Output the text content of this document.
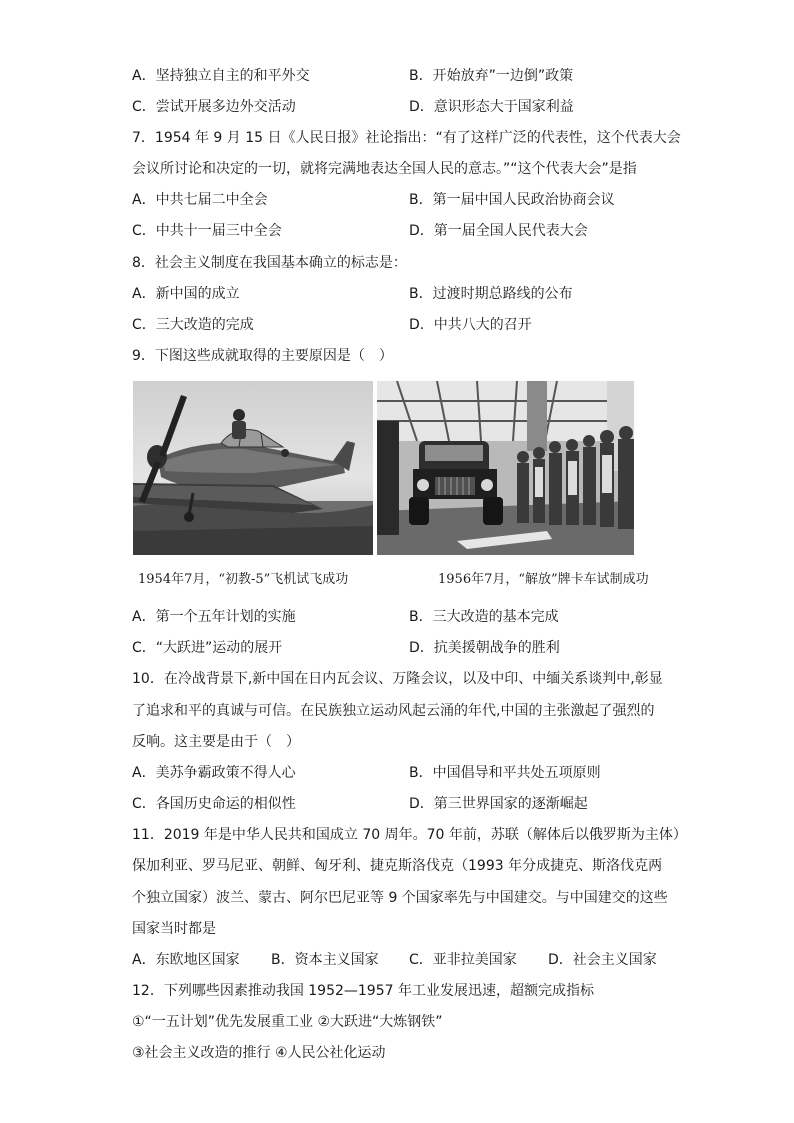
A．坚持独立自主的和平外交	B．开始放弃”一边倒”政策
C．尝试开展多边外交活动	D．意识形态大于国家利益
7．1954 年 9 月 15 日《人民日报》社论指出：“有了这样广泛的代表性，这个代表大会
会议所讨论和决定的一切，就将完满地表达全国人民的意志。”“这个代表大会”是指
A．中共七届二中全会	B．第一届中国人民政治协商会议
C．中共十一届三中全会	D．第一届全国人民代表大会
8．社会主义制度在我国基本确立的标志是：
A．新中国的成立	B．过渡时期总路线的公布
C．三大改造的完成	D．中共八大的召开
9．下图这些成就取得的主要原因是（　）
1954年7月，“初教-5”飞机试飞成功	1956年7月，“解放”牌卡车试制成功
A．第一个五年计划的实施	B．三大改造的基本完成
C．“大跃进”运动的展开	D．抗美援朝战争的胜利
10．在冷战背景下,新中国在日内瓦会议、万隆会议，以及中印、中缅关系谈判中,彰显
了追求和平的真诚与可信。在民族独立运动风起云涌的年代,中国的主张激起了强烈的
反响。这主要是由于（　）
A．美苏争霸政策不得人心	B．中国倡导和平共处五项原则
C．各国历史命运的相似性	D．第三世界国家的逐渐崛起
11．2019 年是中华人民共和国成立 70 周年。70 年前，苏联（解体后以俄罗斯为主体）
保加利亚、罗马尼亚、朝鲜、匈牙利、捷克斯洛伐克（1993 年分成捷克、斯洛伐克两
个独立国家）波兰、蒙古、阿尔巴尼亚等 9 个国家率先与中国建交。与中国建交的这些
国家当时都是
A．东欧地区国家 B．资本主义国家 C．亚非拉美国家 D．社会主义国家
12．下列哪些因素推动我国 1952—1957 年工业发展迅速，超额完成指标
①“一五计划”优先发展重工业 ②大跃进“大炼钢铁”
③社会主义改造的推行 ④人民公社化运动
